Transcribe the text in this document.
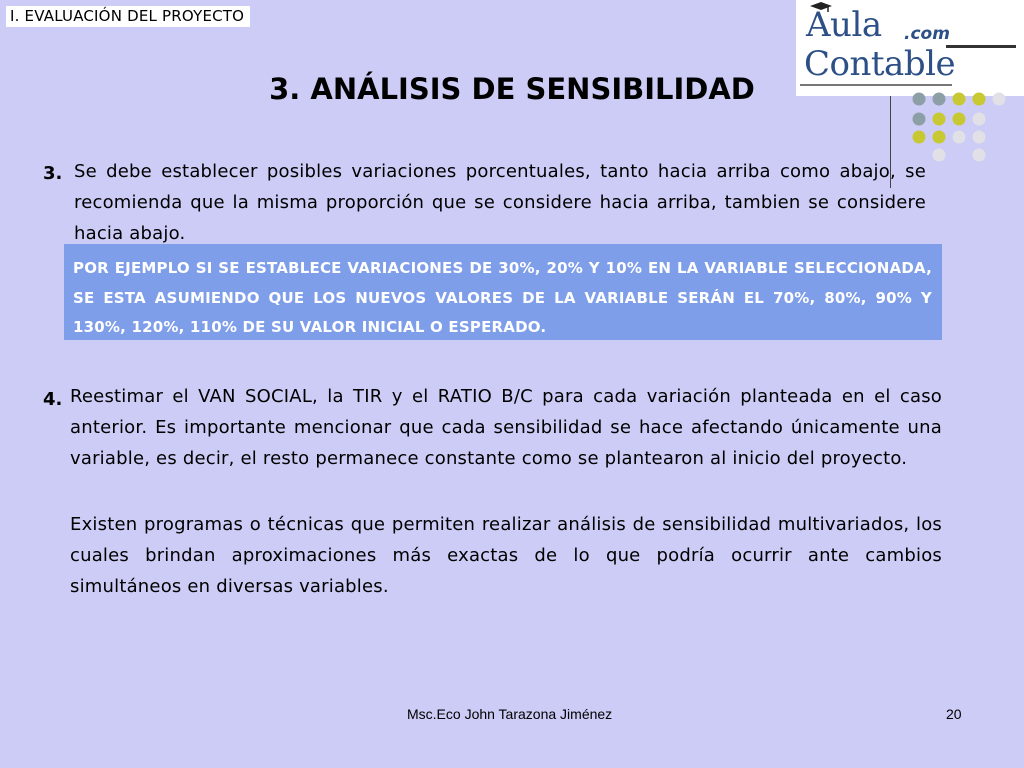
I. EVALUACIÓN DEL PROYECTO	Aula .com
Contable
3. ANÁLISIS DE SENSIBILIDAD
3. Se debe establecer posibles variaciones porcentuales, tanto hacia arriba como abajo, se recomienda que la misma proporción que se considere hacia arriba, tambien se considere hacia abajo.

POR EJEMPLO SI SE ESTABLECE VARIACIONES DE 30%, 20% Y 10% EN LA VARIABLE SELECCIONADA, SE ESTA ASUMIENDO QUE LOS NUEVOS VALORES DE LA VARIABLE SERÁN EL 70%, 80%, 90% Y 130%, 120%, 110% DE SU VALOR INICIAL O ESPERADO.

4. Reestimar el VAN SOCIAL, la TIR y el RATIO B/C para cada variación planteada en el caso anterior. Es importante mencionar que cada sensibilidad se hace afectando únicamente una variable, es decir, el resto permanece constante como se plantearon al inicio del proyecto.
Existen programas o técnicas que permiten realizar análisis de sensibilidad multivariados, los cuales brindan aproximaciones más exactas de lo que podría ocurrir ante cambios simultáneos en diversas variables.
Msc.Eco John Tarazona Jiménez	20
